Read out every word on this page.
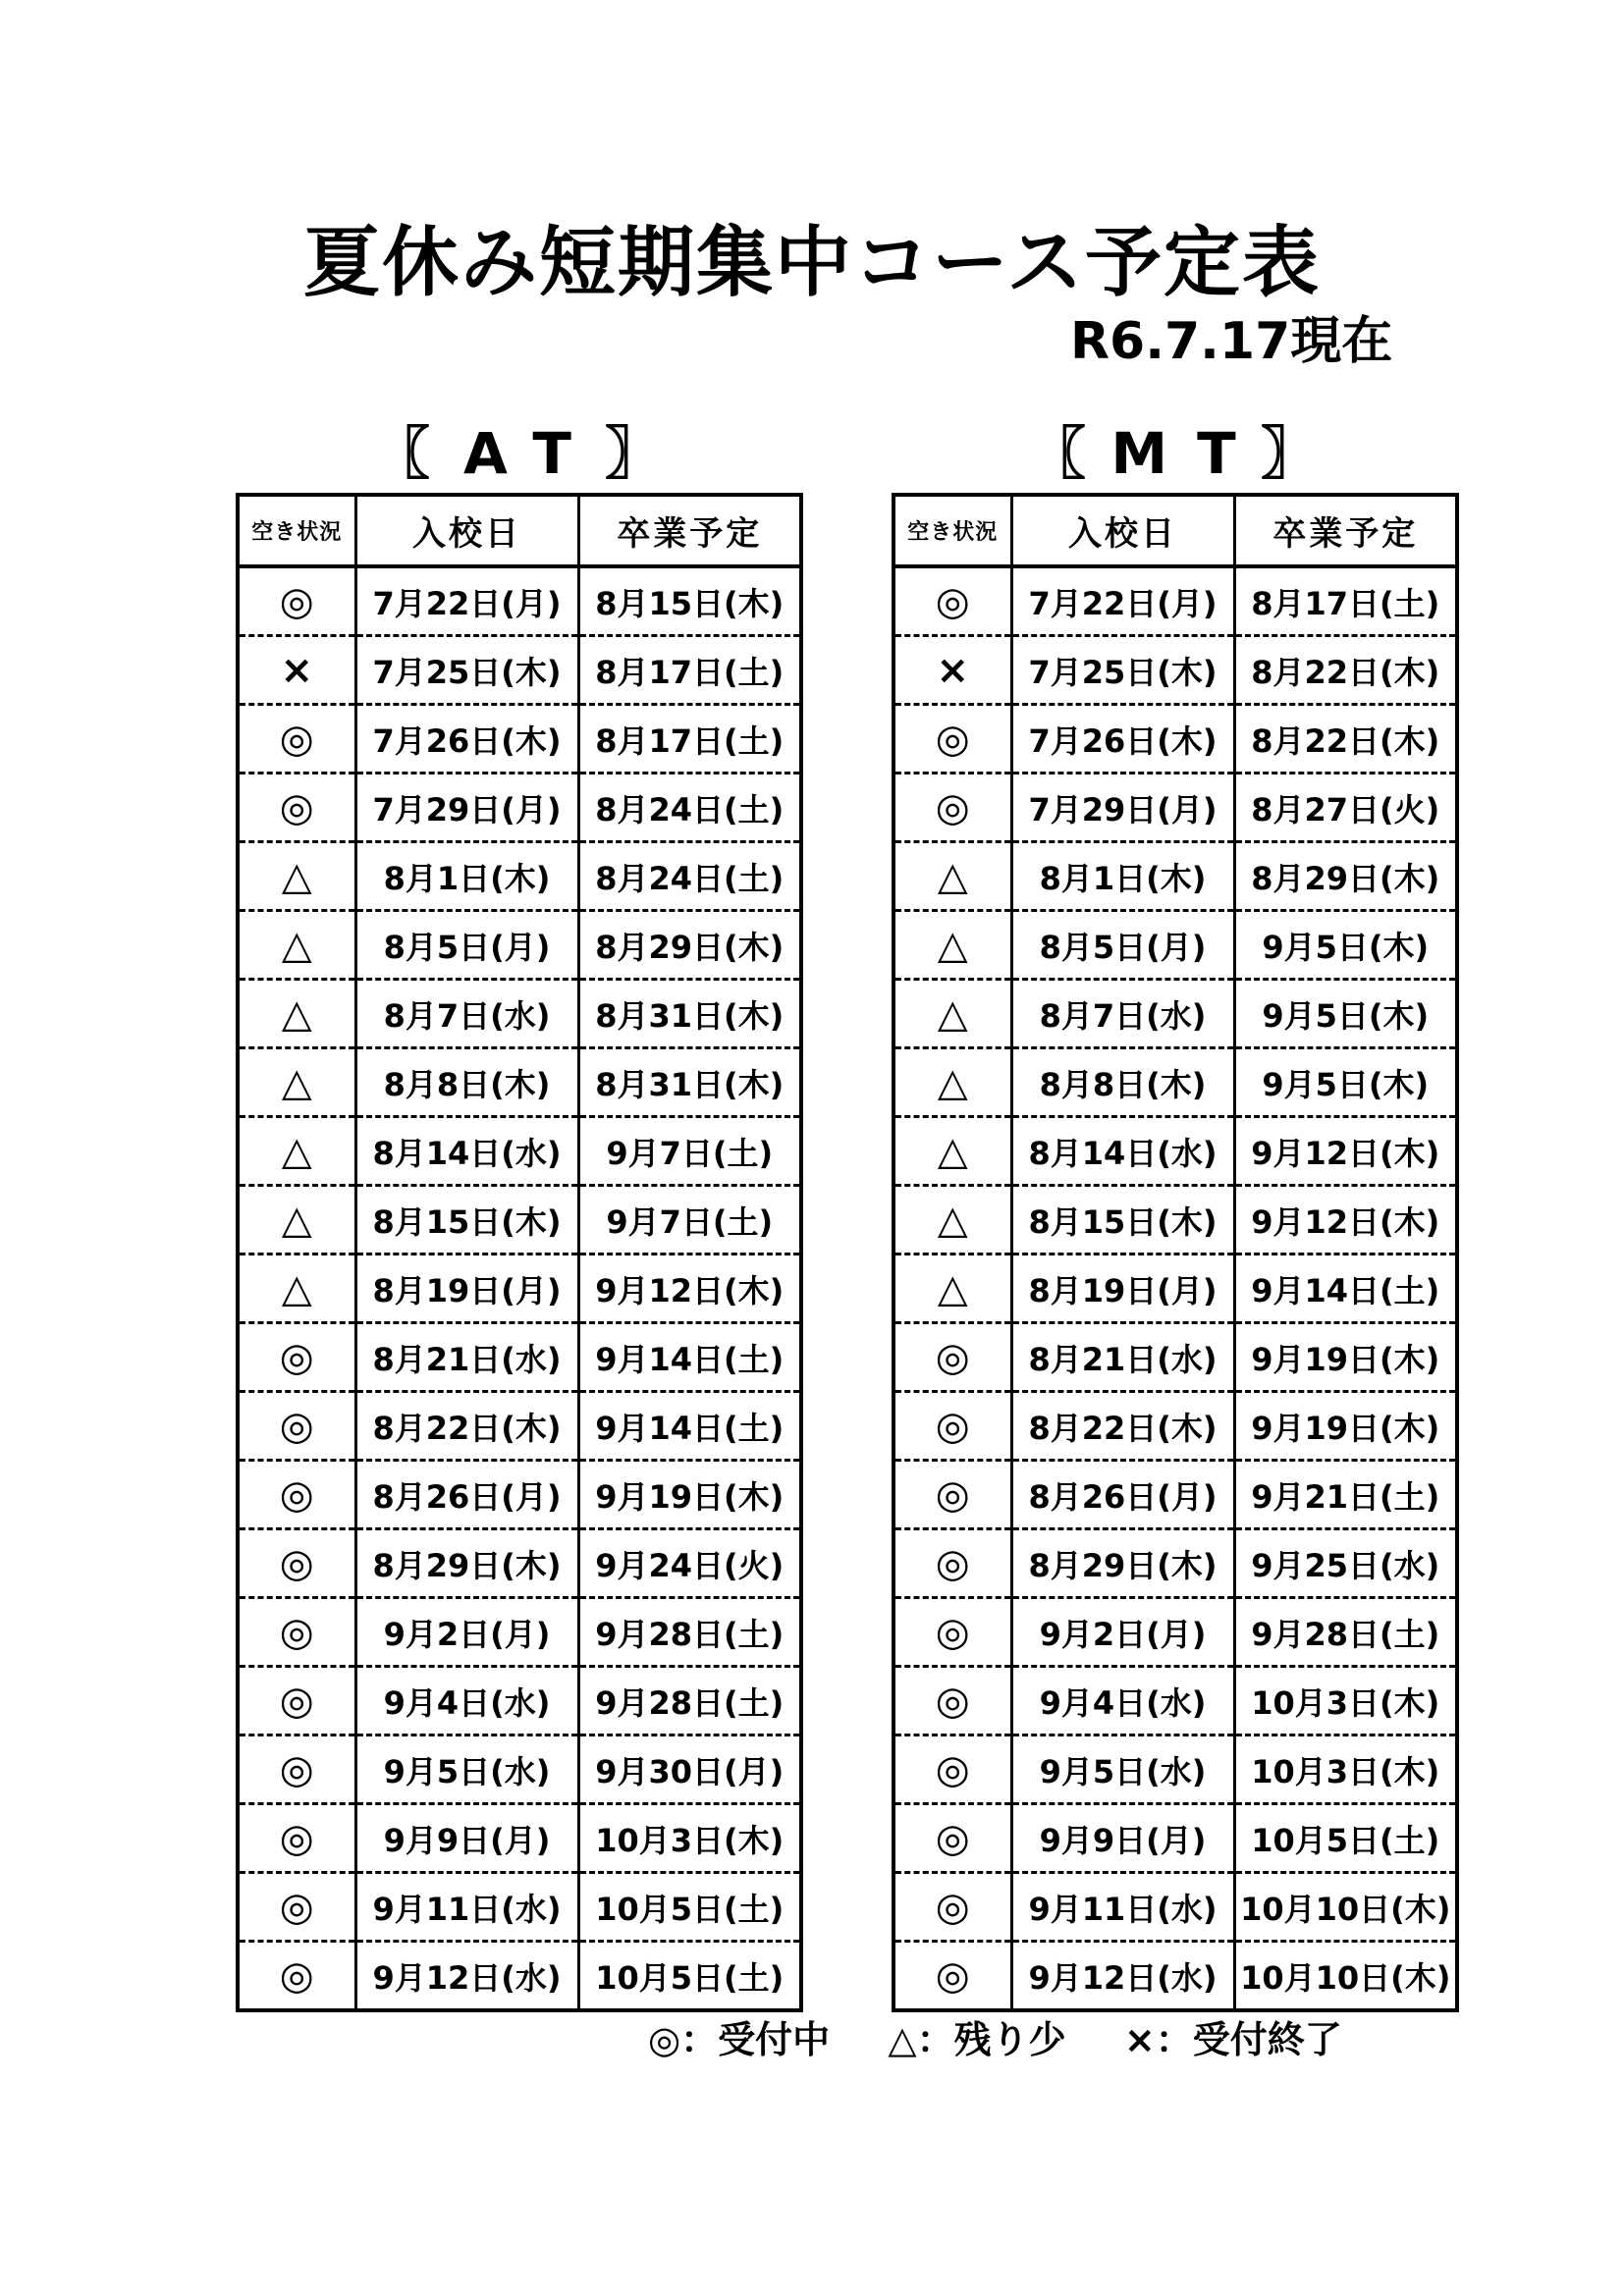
夏休み短期集中コース予定表
R6.7.17現在
〖 AT 〗
空き状況	入校日	卒業予定
◎	7月22日(月)	8月15日(木)
×	7月25日(木)	8月17日(土)
◎	7月26日(木)	8月17日(土)
◎	7月29日(月)	8月24日(土)
△	8月1日(木)	8月24日(土)
△	8月5日(月)	8月29日(木)
△	8月7日(水)	8月31日(木)
△	8月8日(木)	8月31日(木)
△	8月14日(水)	9月7日(土)
△	8月15日(木)	9月7日(土)
△	8月19日(月)	9月12日(木)
◎	8月21日(水)	9月14日(土)
◎	8月22日(木)	9月14日(土)
◎	8月26日(月)	9月19日(木)
◎	8月29日(木)	9月24日(火)
◎	9月2日(月)	9月28日(土)
◎	9月4日(水)	9月28日(土)
◎	9月5日(水)	9月30日(月)
◎	9月9日(月)	10月3日(木)
◎	9月11日(水)	10月5日(土)
◎	9月12日(水)	10月5日(土)
〖 MT
〗
空き状況	入校日	卒業予定
◎	7月22日(月)	8月17日(土)
×	7月25日(木)	8月22日(木)
◎	7月26日(木)	8月22日(木)
◎	7月29日(月)	8月27日(火)
△	8月1日(木)	8月29日(木)
△	8月5日(月)	9月5日(木)
△	8月7日(水)	9月5日(木)
△	8月8日(木)	9月5日(木)
△	8月14日(水)	9月12日(木)
△	8月15日(木)	9月12日(木)
△	8月19日(月)	9月14日(土)
◎	8月21日(水)	9月19日(木)
◎	8月22日(木)	9月19日(木)
◎	8月26日(月)	9月21日(土)
◎	8月29日(木)	9月25日(水)
◎	9月2日(月)	9月28日(土)
◎	9月4日(水)	10月3日(木)
◎	9月5日(水)	10月3日(木)
◎	9月9日(月)	10月5日(土)
◎	9月11日(水)	10月10日(木)
◎	9月12日(水)	10月10日(木)
◎：受付中 △：残り少 ×：受付終了
